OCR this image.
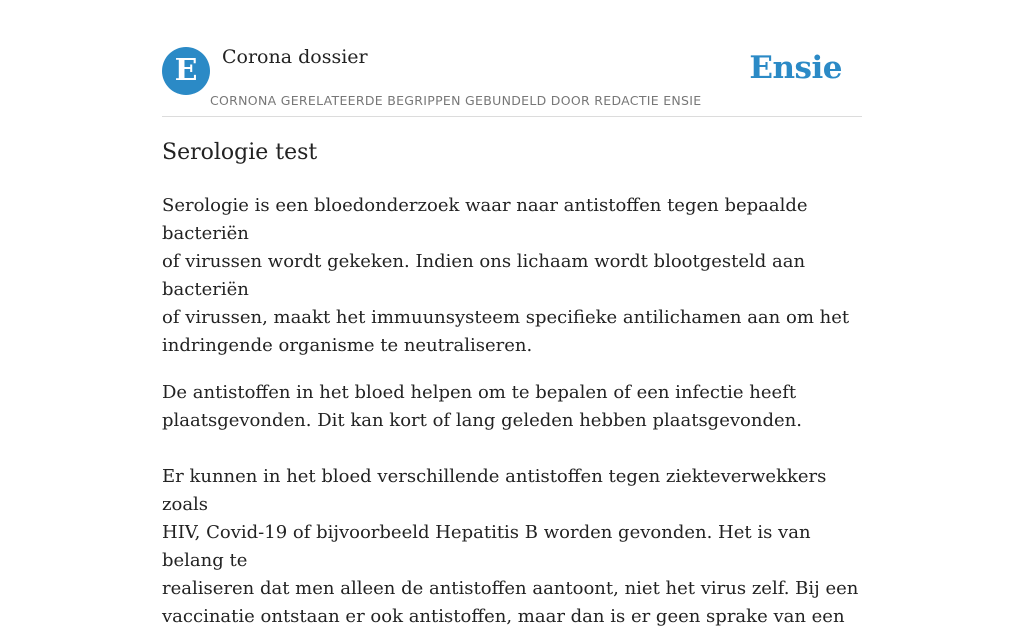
E	Corona dossier
CORNONA GERELATEERDE BEGRIPPEN GEBUNDELD DOOR REDACTIE ENSIE
Ensie
Serologie test

Serologie is een bloedonderzoek waar naar antistoffen tegen bepaalde bacteriën
of virussen wordt gekeken. Indien ons lichaam wordt blootgesteld aan bacteriën
of virussen, maakt het immuunsysteem specifieke antilichamen aan om het
indringende organisme te neutraliseren.

De antistoffen in het bloed helpen om te bepalen of een infectie heeft
plaatsgevonden. Dit kan kort of lang geleden hebben plaatsgevonden.

Er kunnen in het bloed verschillende antistoffen tegen ziekteverwekkers zoals
HIV, Covid-19 of bijvoorbeeld Hepatitis B worden gevonden. Het is van belang te
realiseren dat men alleen de antistoffen aantoont, niet het virus zelf. Bij een
vaccinatie ontstaan er ook antistoffen, maar dan is er geen sprake van een
